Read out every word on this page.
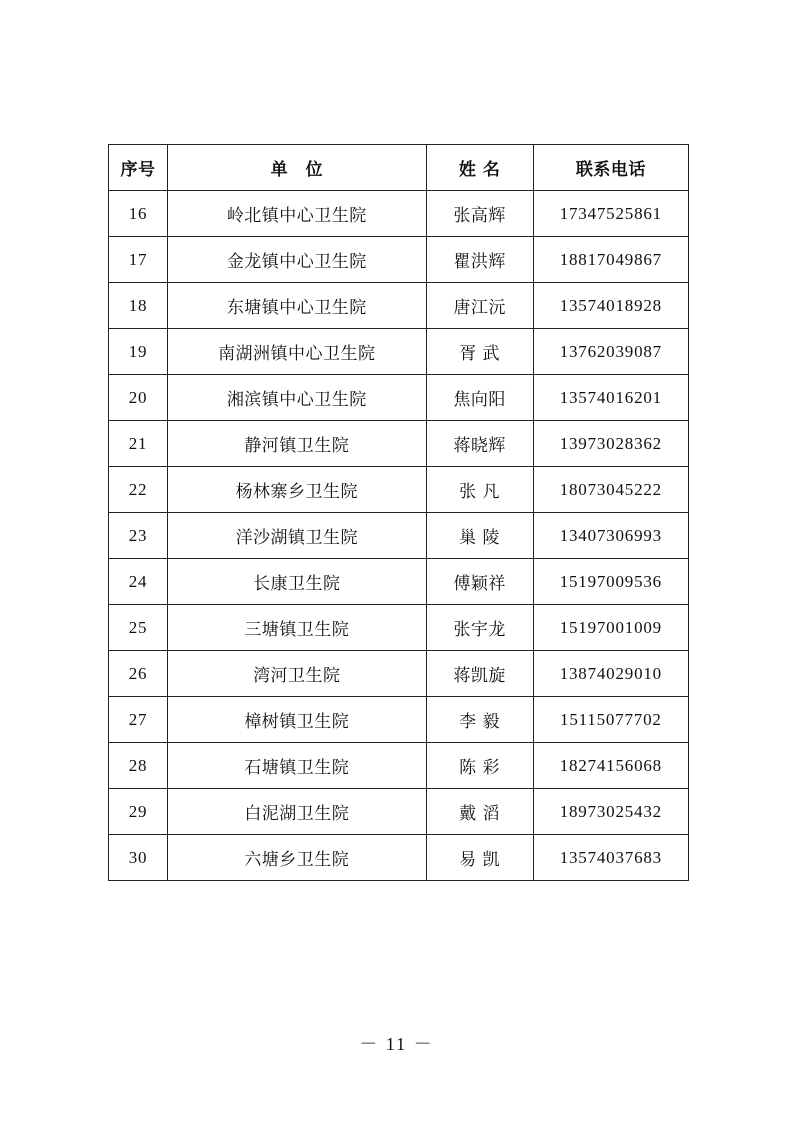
序号	单　位	姓 名	联系电话
16	岭北镇中心卫生院	张高辉	17347525861
17	金龙镇中心卫生院	瞿洪辉	18817049867
18	东塘镇中心卫生院	唐江沅	13574018928
19	南湖洲镇中心卫生院	胥 武	13762039087
20	湘滨镇中心卫生院	焦向阳	13574016201
21	静河镇卫生院	蒋晓辉	13973028362
22	杨林寨乡卫生院	张 凡	18073045222
23	洋沙湖镇卫生院	巢 陵	13407306993
24	长康卫生院	傅颖祥	15197009536
25	三塘镇卫生院	张宇龙	15197001009
26	湾河卫生院	蒋凯旋	13874029010
27	樟树镇卫生院	李 毅	15115077702
28	石塘镇卫生院	陈 彩	18274156068
29	白泥湖卫生院	戴 滔	18973025432
30	六塘乡卫生院	易 凯	13574037683
－ 11 －
